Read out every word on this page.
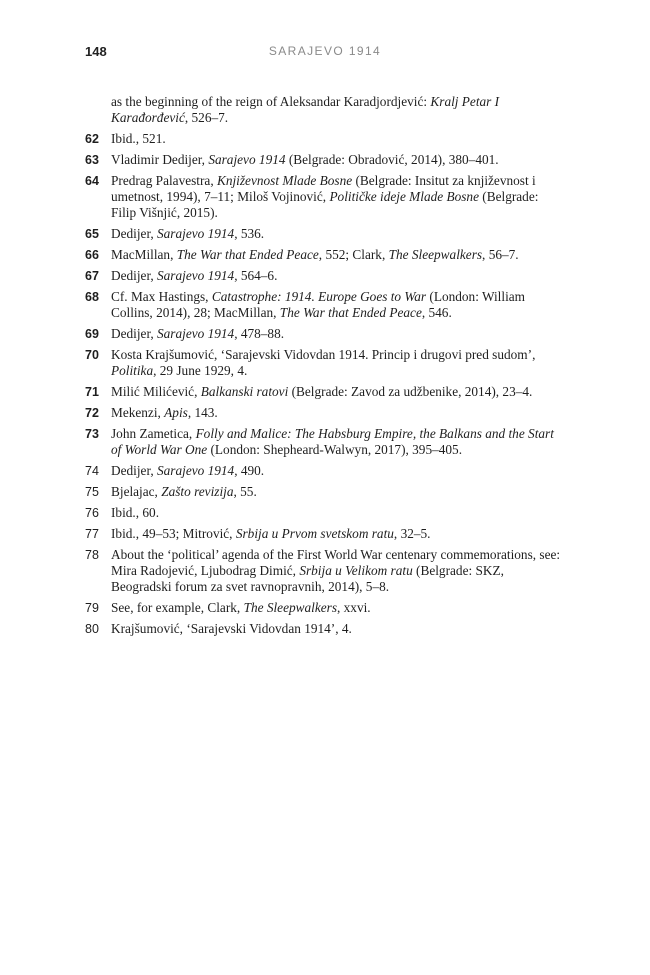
148	SARAJEVO 1914
as the beginning of the reign of Aleksandar Karadjordjević: Kralj Petar I Karađorđević, 526–7.
62 Ibid., 521.
63 Vladimir Dedijer, Sarajevo 1914 (Belgrade: Obradović, 2014), 380–401.
64 Predrag Palavestra, Književnost Mlade Bosne (Belgrade: Insitut za književnost i umetnost, 1994), 7–11; Miloš Vojinović, Političke ideje Mlade Bosne (Belgrade: Filip Višnjić, 2015).
65 Dedijer, Sarajevo 1914, 536.
66 MacMillan, The War that Ended Peace, 552; Clark, The Sleepwalkers, 56–7.
67 Dedijer, Sarajevo 1914, 564–6.
68 Cf. Max Hastings, Catastrophe: 1914. Europe Goes to War (London: William Collins, 2014), 28; MacMillan, The War that Ended Peace, 546.
69 Dedijer, Sarajevo 1914, 478–88.
70 Kosta Krajšumović, ‘Sarajevski Vidovdan 1914. Princip i drugovi pred sudom’, Politika, 29 June 1929, 4.
71 Milić Milićević, Balkanski ratovi (Belgrade: Zavod za udžbenike, 2014), 23–4.
72 Mekenzi, Apis, 143.
73 John Zametica, Folly and Malice: The Habsburg Empire, the Balkans and the Start of World War One (London: Shepheard-Walwyn, 2017), 395–405.
74 Dedijer, Sarajevo 1914, 490.
75 Bjelajac, Zašto revizija, 55.
76 Ibid., 60.
77 Ibid., 49–53; Mitrović, Srbija u Prvom svetskom ratu, 32–5.
78 About the ‘political’ agenda of the First World War centenary commemorations, see: Mira Radojević, Ljubodrag Dimić, Srbija u Velikom ratu (Belgrade: SKZ, Beogradski forum za svet ravnopravnih, 2014), 5–8.
79 See, for example, Clark, The Sleepwalkers, xxvi.
80 Krajšumović, ‘Sarajevski Vidovdan 1914’, 4.
